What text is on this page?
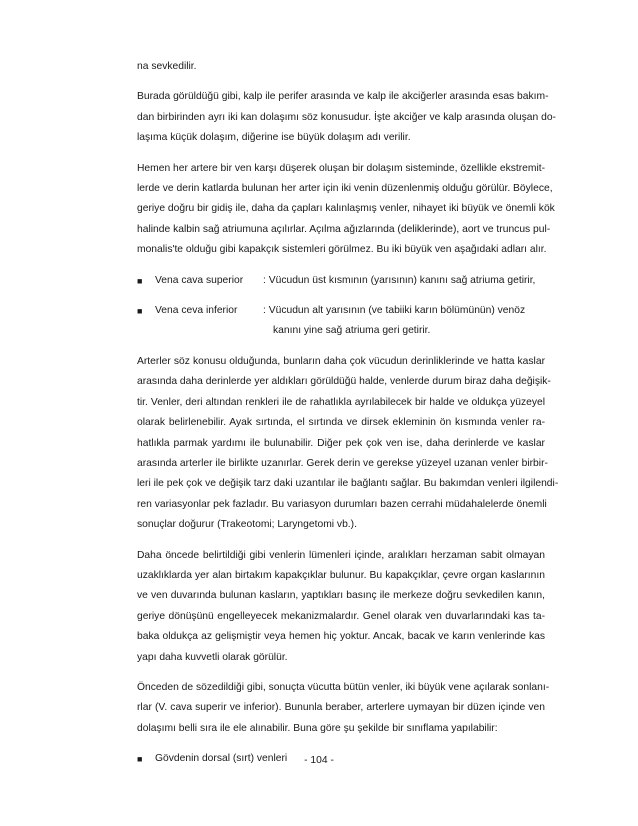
na sevkedilir.

Burada görüldüğü gibi, kalp ile perifer arasında ve kalp ile akciğerler arasında esas bakım-
dan birbirinden ayrı iki kan dolaşımı söz konusudur. İşte akciğer ve kalp arasında oluşan do-
laşıma küçük dolaşım, diğerine ise büyük dolaşım adı verilir.

Hemen her artere bir ven karşı düşerek oluşan bir dolaşım sisteminde, özellikle ekstremit-
lerde ve derin katlarda bulunan her arter için iki venin düzenlenmiş olduğu görülür. Böylece,
geriye doğru bir gidiş ile, daha da çapları kalınlaşmış venler, nihayet iki büyük ve önemli kök
halinde kalbin sağ atriumuna açılırlar. Açılma ağızlarında (deliklerinde), aort ve truncus pul-
monalis'te olduğu gibi kapakçık sistemleri görülmez. Bu iki büyük ven aşağıdaki adları alır.

■	Vena cava superior	: Vücudun üst kısmının (yarısının) kanını sağ atriuma getirir,
■	Vena ceva inferior	: Vücudun alt yarısının (ve tabiiki karın bölümünün) venöz
kanını yine sağ atriuma geri getirir.

Arterler söz konusu olduğunda, bunların daha çok vücudun derinliklerinde ve hatta kaslar
arasında daha derinlerde yer aldıkları görüldüğü halde, venlerde durum biraz daha değişik-
tir. Venler, deri altından renkleri ile de rahatlıkla ayrılabilecek bir halde ve oldukça yüzeyel
olarak belirlenebilir. Ayak sırtında, el sırtında ve dirsek ekleminin ön kısmında venler ra-
hatlıkla parmak yardımı ile bulunabilir. Diğer pek çok ven ise, daha derinlerde ve kaslar
arasında arterler ile birlikte uzanırlar. Gerek derin ve gerekse yüzeyel uzanan venler birbir-
leri ile pek çok ve değişik tarz daki uzantılar ile bağlantı sağlar. Bu bakımdan venleri ilgilendi-
ren variasyonlar pek fazladır. Bu variasyon durumları bazen cerrahi müdahalelerde önemli
sonuçlar doğurur (Trakeotomi; Laryngetomi vb.).

Daha öncede belirtildiği gibi venlerin lümenleri içinde, aralıkları herzaman sabit olmayan
uzaklıklarda yer alan birtakım kapakçıklar bulunur. Bu kapakçıklar, çevre organ kaslarının
ve ven duvarında bulunan kasların, yaptıkları basınç ile merkeze doğru sevkedilen kanın,
geriye dönüşünü engelleyecek mekanizmalardır. Genel olarak ven duvarlarındaki kas ta-
baka oldukça az gelişmiştir veya hemen hiç yoktur. Ancak, bacak ve karın venlerinde kas
yapı daha kuvvetli olarak görülür.

Önceden de sözedildiği gibi, sonuçta vücutta bütün venler, iki büyük vene açılarak sonlanı-
rlar (V. cava superir ve inferior). Bununla beraber, arterlere uymayan bir düzen içinde ven
dolaşımı belli sıra ile ele alınabilir. Buna göre şu şekilde bir sınıflama yapılabilir:

■	Gövdenin dorsal (sırt) venleri	- 104 -
